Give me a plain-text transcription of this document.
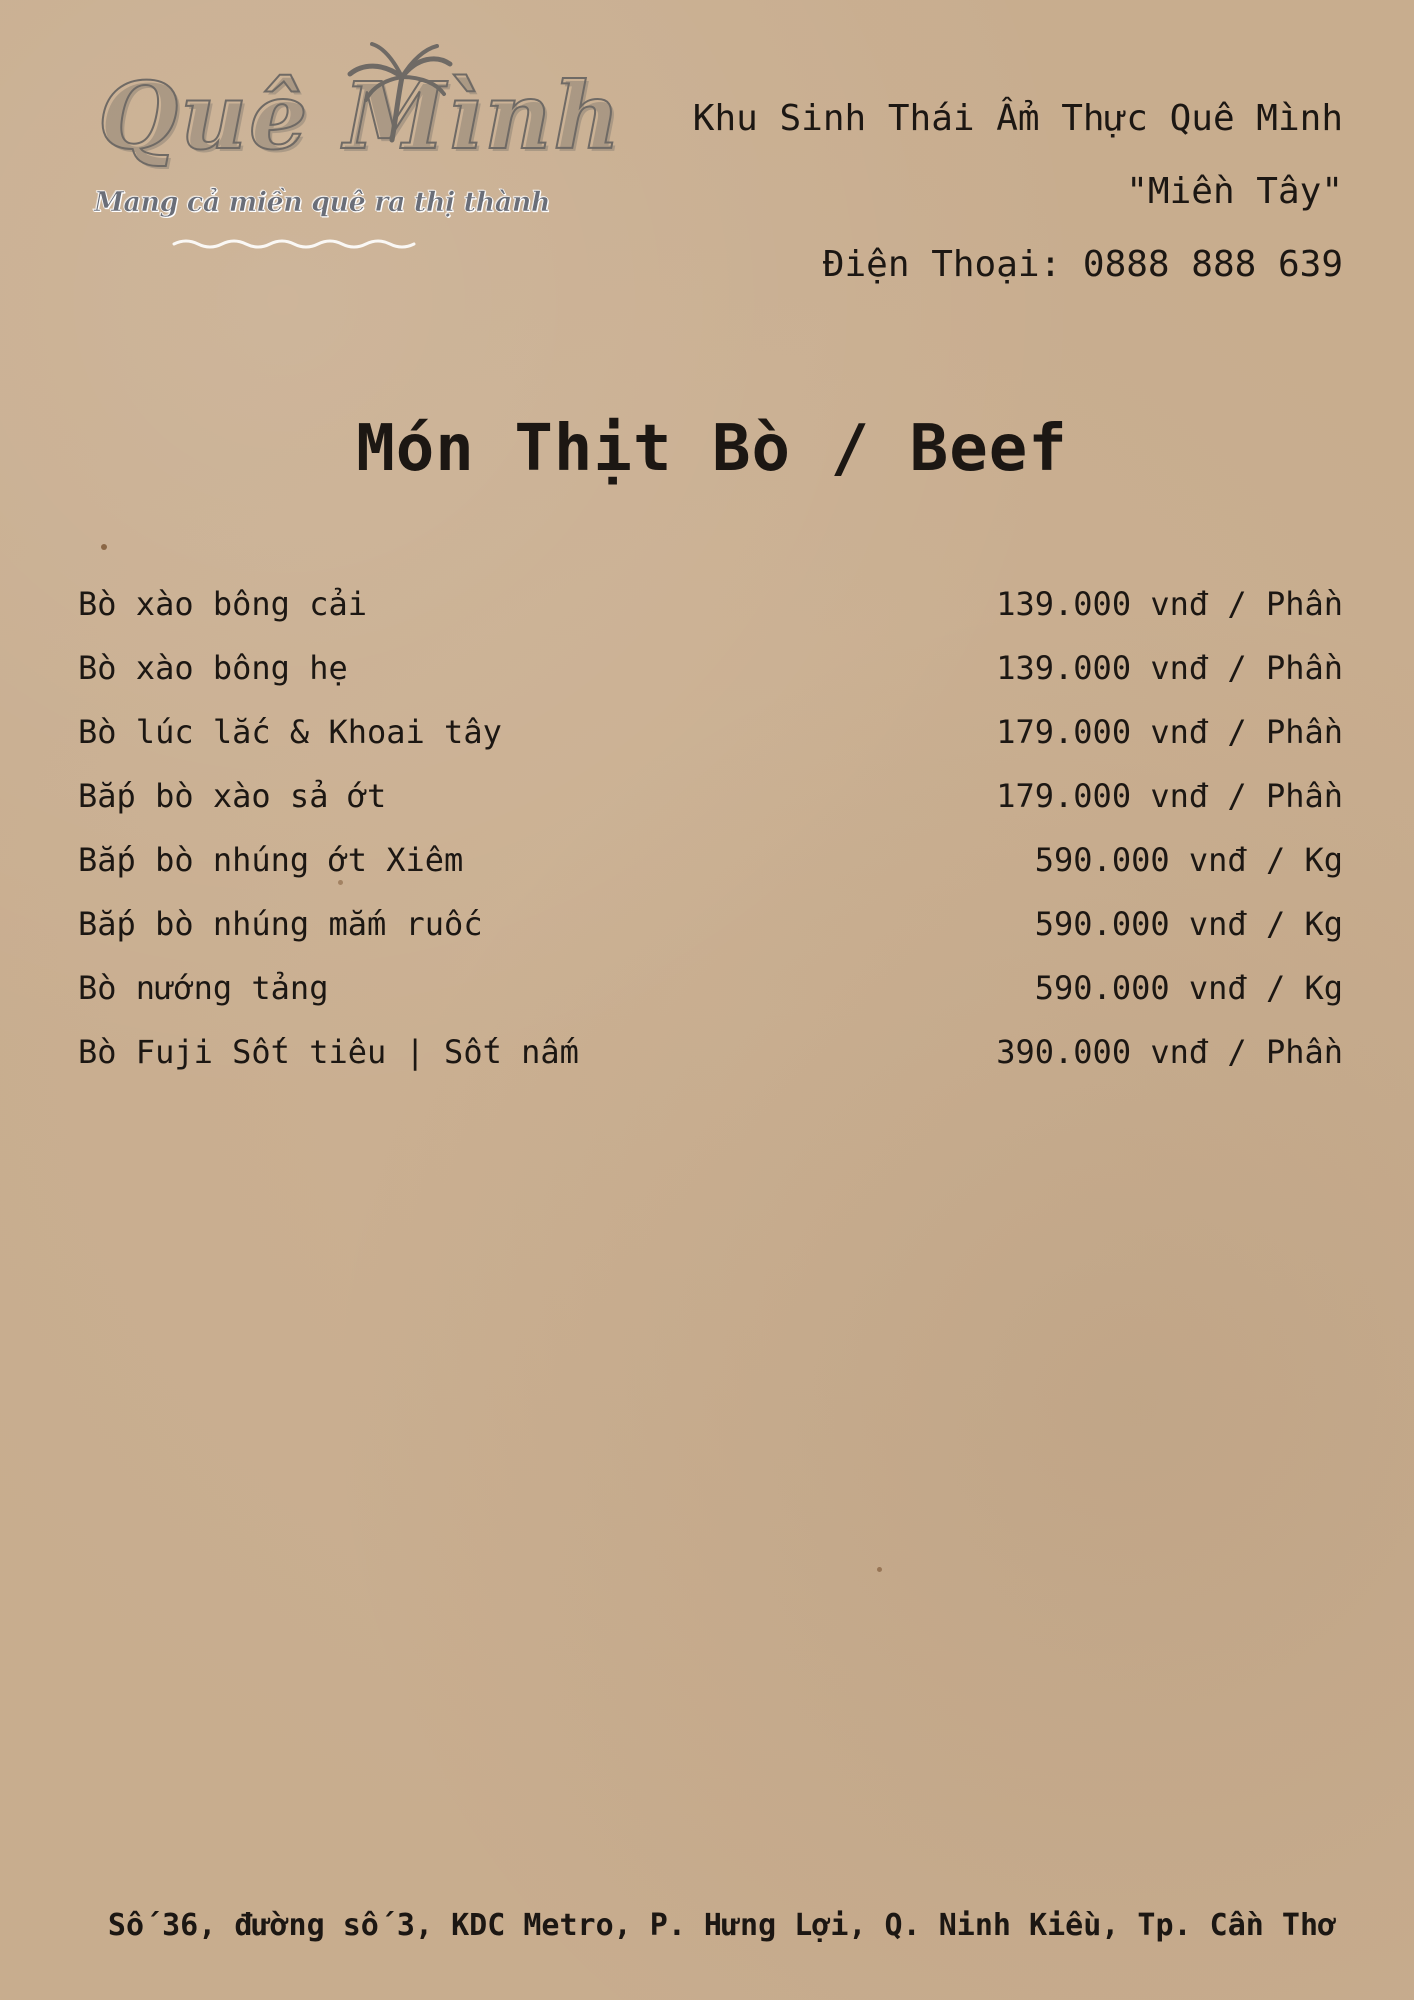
Quê Mình
Mang cả miền quê ra thị thành
Khu Sinh Thái Ẩm Thực Quê Mình
"Miền Tây"
Điện Thoại: 0888 888 639
Món Thịt Bò / Beef
Bò xào bông cải	139.000 vnđ / Phần
Bò xào bông hẹ	139.000 vnđ / Phần
Bò lúc lắc & Khoai tây	179.000 vnđ / Phần
Bắp bò xào sả ớt	179.000 vnđ / Phần
Bắp bò nhúng ớt Xiêm	590.000 vnđ / Kg
Bắp bò nhúng mắm ruốc	590.000 vnđ / Kg
Bò nướng tảng	590.000 vnđ / Kg
Bò Fuji Sốt tiêu | Sốt nấm	390.000 vnđ / Phần
Số 36, đường số 3, KDC Metro, P. Hưng Lợi, Q. Ninh Kiều, Tp. Cần Thơ
